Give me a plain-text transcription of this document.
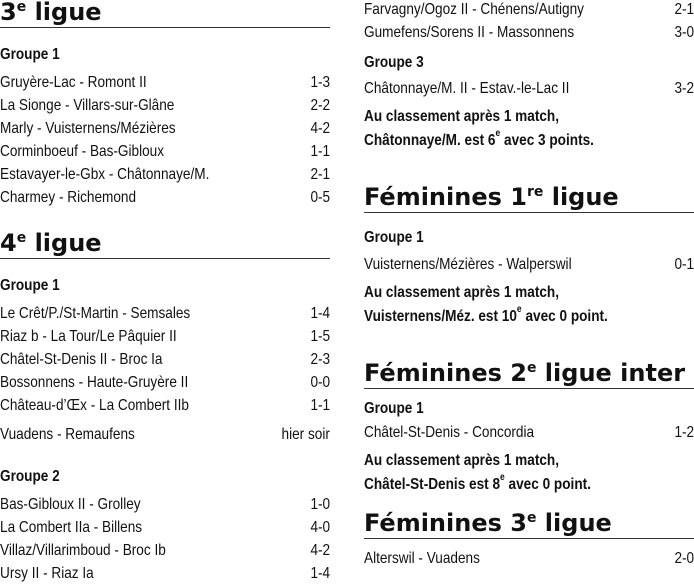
3e ligue
Groupe 1
Gruyère-Lac - Romont II	1-3
La Sionge - Villars-sur-Glâne	2-2
Marly - Vuisternens/Mézières	4-2
Corminboeuf - Bas-Gibloux	1-1
Estavayer-le-Gbx - Châtonnaye/M.	2-1
Charmey - Richemond	0-5
4e ligue
Groupe 1
Le Crêt/P./St-Martin - Semsales	1-4
Riaz b - La Tour/Le Pâquier II	1-5
Châtel-St-Denis II - Broc Ia	2-3
Bossonnens - Haute-Gruyère II	0-0
Château-d’Œx - La Combert IIb	1-1
Vuadens - Remaufens	hier soir
Groupe 2
Bas-Gibloux II - Grolley	1-0
La Combert IIa - Billens	4-0
Villaz/Villarimboud - Broc Ib	4-2
Ursy II - Riaz Ia	1-4
Farvagny/Ogoz II - Chénens/Autigny	2-1
Gumefens/Sorens II - Massonnens	3-0
Groupe 3
Châtonnaye/M. II - Estav.-le-Lac II	3-2
Au classement après 1 match,
Châtonnaye/M. est 6e avec 3 points.
Féminines 1re ligue
Groupe 1
Vuisternens/Mézières - Walperswil	0-1
Au classement après 1 match,
Vuisternens/Méz. est 10e avec 0 point.
Féminines 2e ligue inter
Groupe 1
Châtel-St-Denis - Concordia	1-2
Au classement après 1 match,
Châtel-St-Denis est 8e avec 0 point.
Féminines 3e ligue
Alterswil - Vuadens	2-0
